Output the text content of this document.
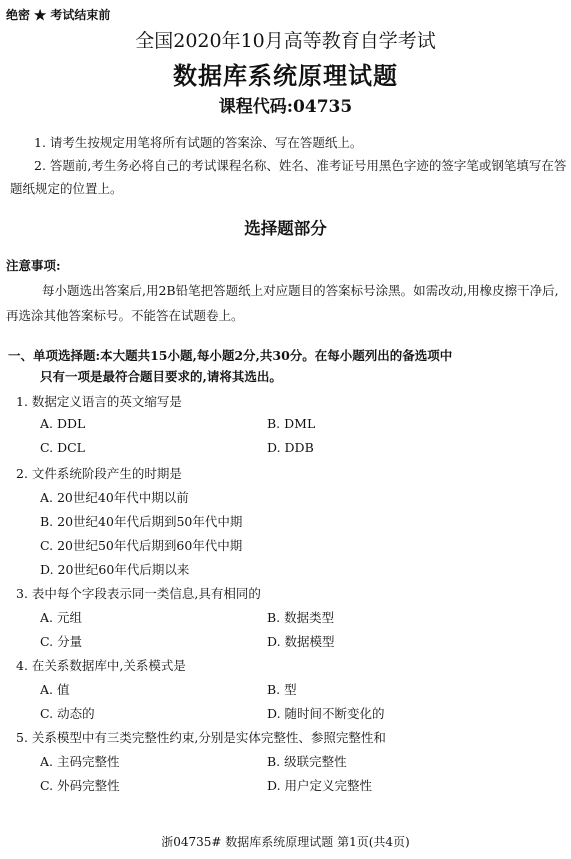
绝密 ★ 考试结束前
全国2020年10月高等教育自学考试
数据库系统原理试题
课程代码:04735
1. 请考生按规定用笔将所有试题的答案涂、写在答题纸上。
2. 答题前,考生务必将自己的考试课程名称、姓名、准考证号用黑色字迹的签字笔或钢笔填写在答题纸规定的位置上。
选择题部分
注意事项:
每小题选出答案后,用2B铅笔把答题纸上对应题目的答案标号涂黑。如需改动,用橡皮擦干净后,再选涂其他答案标号。不能答在试题卷上。
一、单项选择题:本大题共15小题,每小题2分,共30分。在每小题列出的备选项中
只有一项是最符合题目要求的,请将其选出。
1. 数据定义语言的英文缩写是
A. DDL	B. DML
C. DCL	D. DDB
2. 文件系统阶段产生的时期是
A. 20世纪40年代中期以前
B. 20世纪40年代后期到50年代中期
C. 20世纪50年代后期到60年代中期
D. 20世纪60年代后期以来
3. 表中每个字段表示同一类信息,具有相同的
A. 元组	B. 数据类型
C. 分量	D. 数据模型
4. 在关系数据库中,关系模式是
A. 值	B. 型
C. 动态的	D. 随时间不断变化的
5. 关系模型中有三类完整性约束,分别是实体完整性、参照完整性和
A. 主码完整性	B. 级联完整性
C. 外码完整性	D. 用户定义完整性
浙04735# 数据库系统原理试题 第1页(共4页)
